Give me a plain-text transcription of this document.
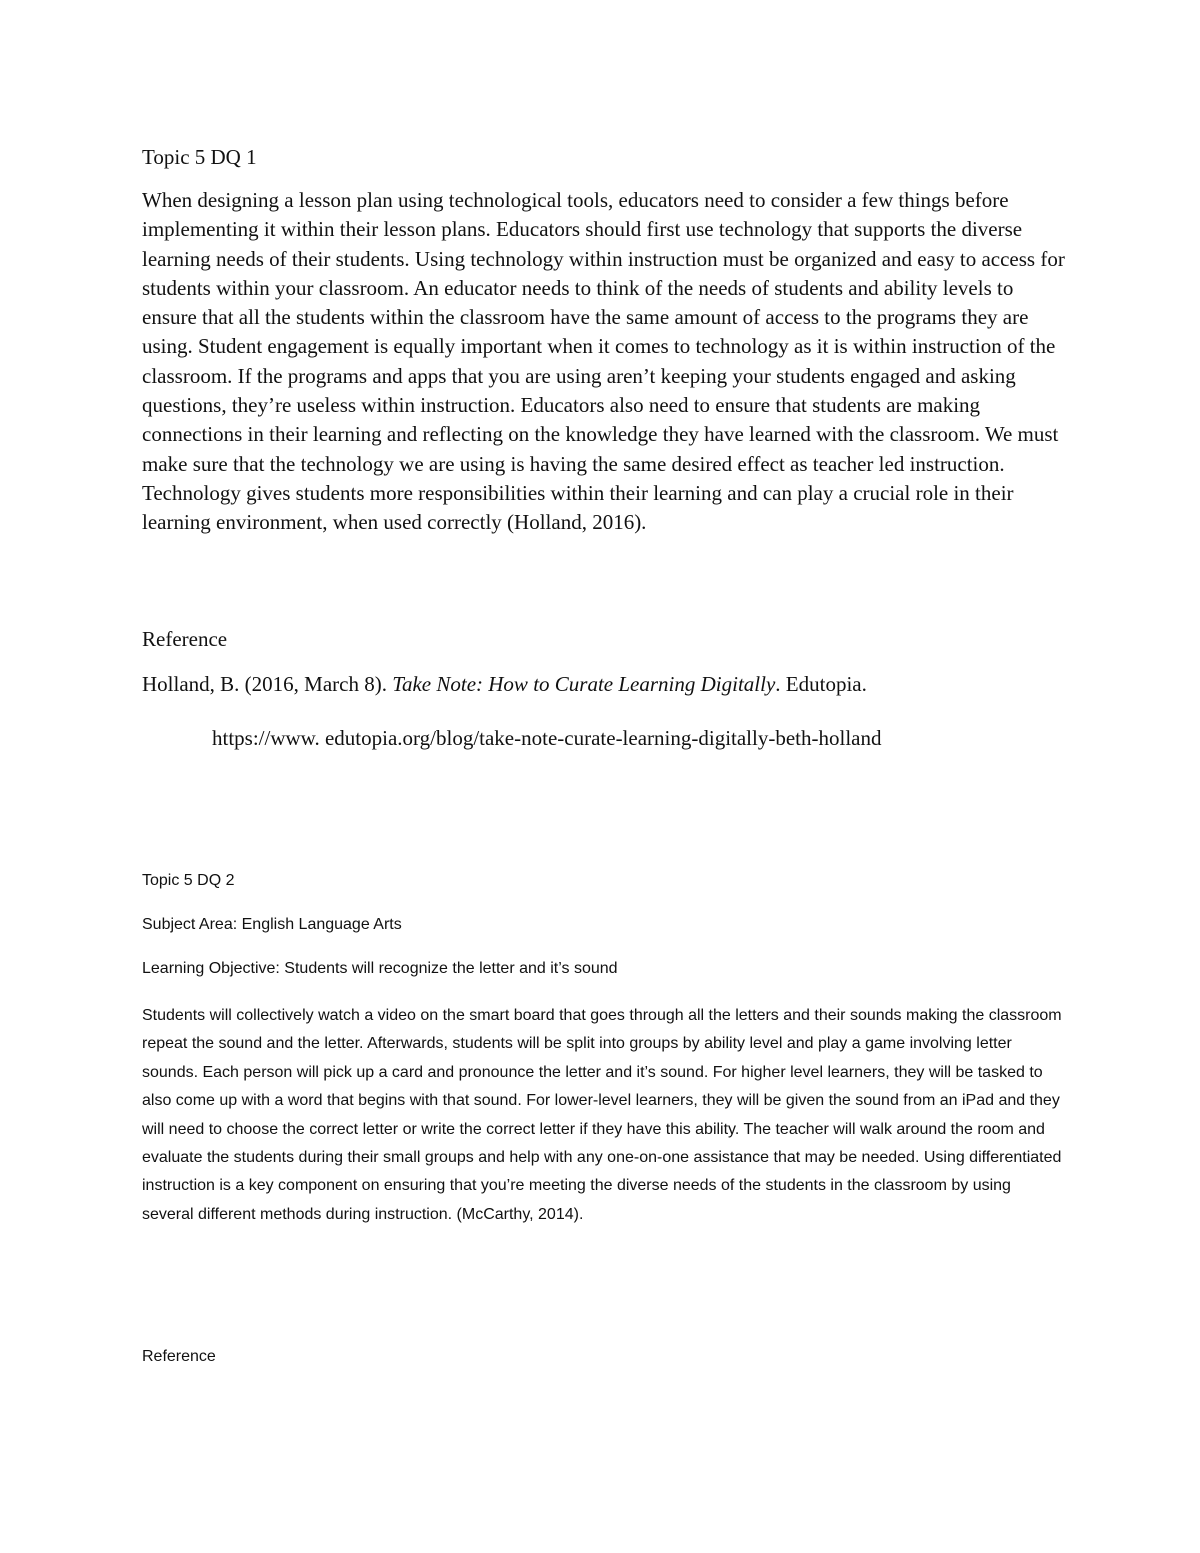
Topic 5 DQ 1

When designing a lesson plan using technological tools, educators need to consider a few things before implementing it within their lesson plans. Educators should first use technology that supports the diverse learning needs of their students. Using technology within instruction must be organized and easy to access for students within your classroom. An educator needs to think of the needs of students and ability levels to ensure that all the students within the classroom have the same amount of access to the programs they are using. Student engagement is equally important when it comes to technology as it is within instruction of the classroom. If the programs and apps that you are using aren’t keeping your students engaged and asking questions, they’re useless within instruction. Educators also need to ensure that students are making connections in their learning and reflecting on the knowledge they have learned with the classroom. We must make sure that the technology we are using is having the same desired effect as teacher led instruction. Technology gives students more responsibilities within their learning and can play a crucial role in their learning environment, when used correctly (Holland, 2016).

Reference

Holland, B. (2016, March 8). Take Note: How to Curate Learning Digitally. Edutopia.

https://www. edutopia.org/blog/take-note-curate-learning-digitally-beth-holland

Topic 5 DQ 2

Subject Area: English Language Arts

Learning Objective: Students will recognize the letter and it’s sound

Students will collectively watch a video on the smart board that goes through all the letters and their sounds making the classroom repeat the sound and the letter. Afterwards, students will be split into groups by ability level and play a game involving letter sounds. Each person will pick up a card and pronounce the letter and it’s sound. For higher level learners, they will be tasked to also come up with a word that begins with that sound. For lower-level learners, they will be given the sound from an iPad and they will need to choose the correct letter or write the correct letter if they have this ability. The teacher will walk around the room and evaluate the students during their small groups and help with any one-on-one assistance that may be needed. Using differentiated instruction is a key component on ensuring that you’re meeting the diverse needs of the students in the classroom by using several different methods during instruction. (McCarthy, 2014).

Reference
